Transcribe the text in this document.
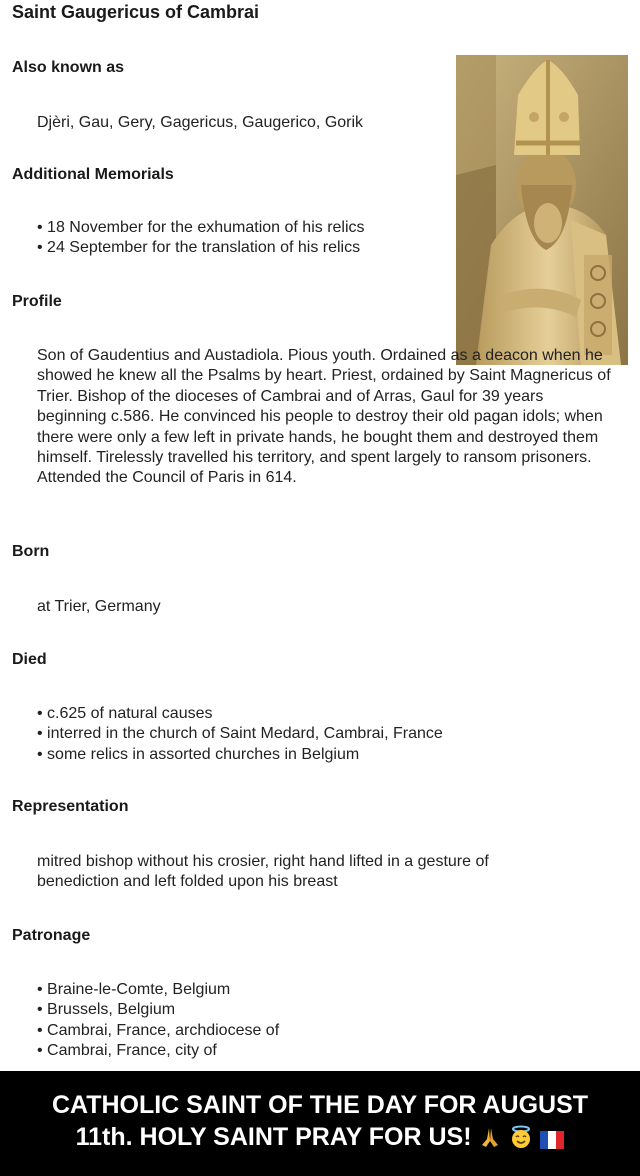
Saint Gaugericus of Cambrai
Also known as

Djèri, Gau, Gery, Gagericus, Gaugerico, Gorik

Additional Memorials
• 18 November for the exhumation of his relics
• 24 September for the translation of his relics
Profile

Son of Gaudentius and Austadiola. Pious youth. Ordained as a deacon when he showed he knew all the Psalms by heart. Priest, ordained by Saint Magnericus of Trier. Bishop of the dioceses of Cambrai and of Arras, Gaul for 39 years beginning c.586. He convinced his people to destroy their old pagan idols; when there were only a few left in private hands, he bought them and destroyed them himself. Tirelessly travelled his territory, and spent largely to ransom prisoners. Attended the Council of Paris in 614.

Born

at Trier, Germany

Died
• c.625 of natural causes
• interred in the church of Saint Medard, Cambrai, France
• some relics in assorted churches in Belgium
Representation

mitred bishop without his crosier, right hand lifted in a gesture of benediction and left folded upon his breast

Patronage
• Braine-le-Comte, Belgium
• Brussels, Belgium
• Cambrai, France, archdiocese of
• Cambrai, France, city of
CATHOLIC SAINT OF THE DAY FOR AUGUST
11th. HOLY SAINT PRAY FOR US!
